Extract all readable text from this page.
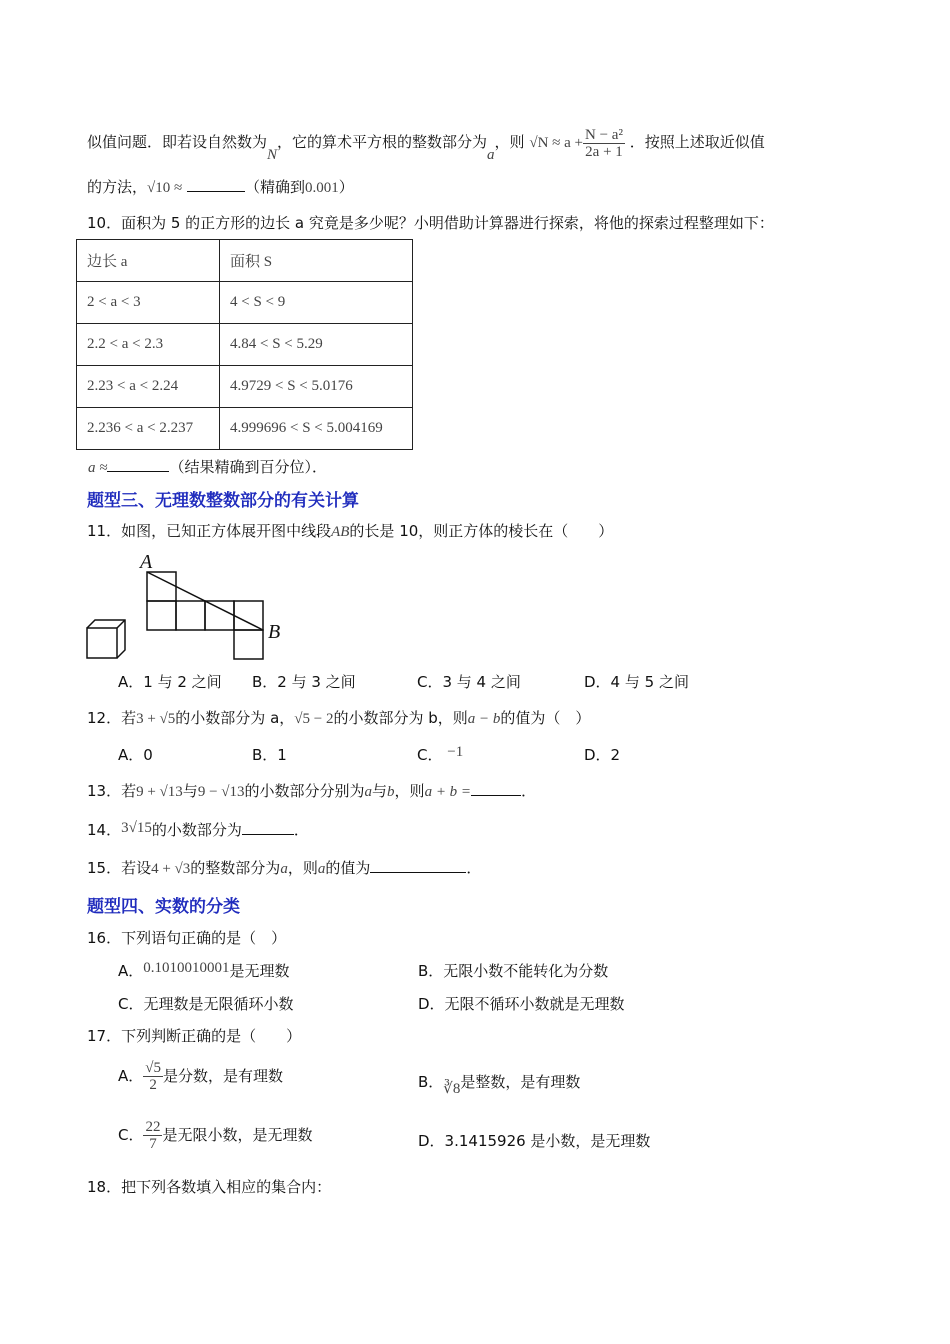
似值问题．即若设自然数为N，它的算术平方根的整数部分为a，则 $√N \approx a + \frac{\text{N − a²}}{2a + 1}$ ．按照上述取近似值
的方法，√10 ≈	（精确到0.001）
10．面积为 5 的正方形的边长 a 究竟是多少呢？小明借助计算器进行探索，将他的探索过程整理如下：
边长 a	面积 S
2 < a < 3	4 < S < 9
2.2 < a < 2.3	4.84 < S < 5.29
2.23 < a < 2.24	4.9729 < S < 5.0176
2.236 < a < 2.237	4.999696 < S < 5.004169
a ≈	（结果精确到百分位）．
题型三、无理数整数部分的有关计算
11．如图，已知正方体展开图中线段AB的长是 10，则正方体的棱长在（　　）
A
B
A．1 与 2 之间 B．2 与 3 之间	C．3 与 4 之间	D．4 与 5 之间
12．若3 + √5的小数部分为 a，√5 − 2的小数部分为 b，则a − b的值为（　）
A．0	B．1	C． −1	D．2
13．若9 + √13与9 − √13的小数部分分别为a与b，则a + b =	．
14．3√15的小数部分为	．
15．若设4 + √3的整数部分为a，则a的值为	．
题型四、实数的分类
16．下列语句正确的是（　）
A．0.1010010001是无理数	B．无限小数不能转化为分数
C．无理数是无限循环小数	D．无限不循环小数就是无理数
17．下列判断正确的是（　　）
A． $\frac{√5}{2}$ 是分数，是有理数	B．∛8是整数，是有理数
C． $\frac{22}{7}$ 是无限小数，是无理数	D．3.1415926 是小数，是无理数
18．把下列各数填入相应的集合内：
